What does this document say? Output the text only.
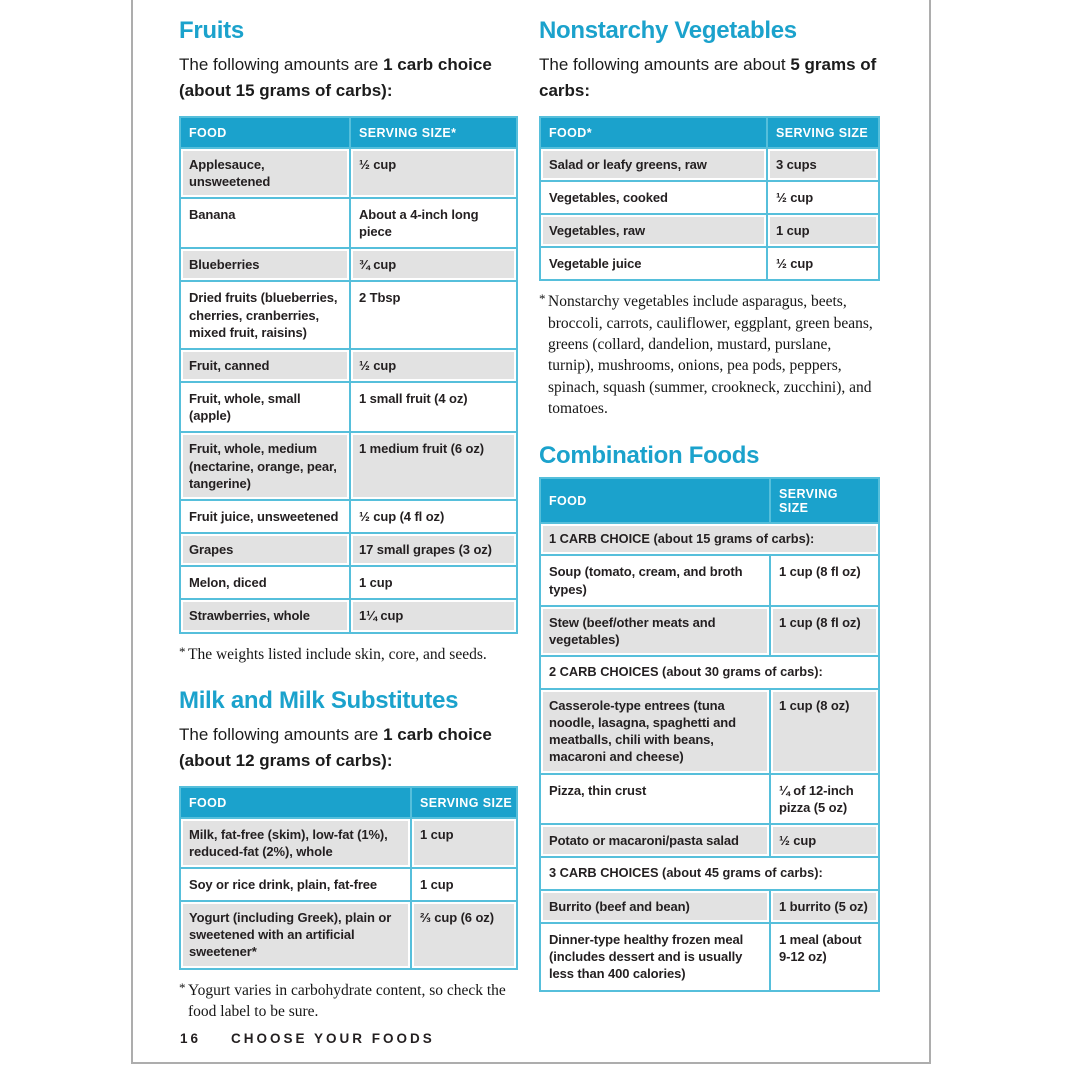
Fruits

The following amounts are 1 carb choice (about 15 grams of carbs):

FOOD	SERVING SIZE*
Applesauce, unsweetened	½ cup
Banana	About a 4-inch long piece
Blueberries	¾ cup
Dried fruits (blueberries, cherries, cranberries, mixed fruit, raisins)	2 Tbsp
Fruit, canned	½ cup
Fruit, whole, small (apple)	1 small fruit (4 oz)
Fruit, whole, medium (nectarine, orange, pear, tangerine)	1 medium fruit (6 oz)
Fruit juice, unsweetened	½ cup (4 fl oz)
Grapes	17 small grapes (3 oz)
Melon, diced	1 cup
Strawberries, whole	1¼ cup

* The weights listed include skin, core, and seeds.

Milk and Milk Substitutes

The following amounts are 1 carb choice (about 12 grams of carbs):

FOOD	SERVING SIZE
Milk, fat-free (skim), low-fat (1%), reduced-fat (2%), whole	1 cup
Soy or rice drink, plain, fat-free	1 cup
Yogurt (including Greek), plain or sweetened with an artificial sweetener*	⅔ cup (6 oz)

* Yogurt varies in carbohydrate content, so check the food label to be sure.

Nonstarchy Vegetables

The following amounts are about 5 grams of carbs:

FOOD*	SERVING SIZE
Salad or leafy greens, raw	3 cups
Vegetables, cooked	½ cup
Vegetables, raw	1 cup
Vegetable juice	½ cup

* Nonstarchy vegetables include asparagus, beets, broccoli, carrots, cauliflower, eggplant, green beans, greens (collard, dandelion, mustard, purslane, turnip), mushrooms, onions, pea pods, peppers, spinach, squash (summer, crookneck, zucchini), and tomatoes.

Combination Foods
FOOD	SERVING SIZE
1 CARB CHOICE (about 15 grams of carbs):	
Soup (tomato, cream, and broth types)	1 cup (8 fl oz)
Stew (beef/other meats and vegetables)	1 cup (8 fl oz)
2 CARB CHOICES (about 30 grams of carbs):	
Casserole-type entrees (tuna noodle, lasagna, spaghetti and meatballs, chili with beans, macaroni and cheese)	1 cup (8 oz)
Pizza, thin crust	¼ of 12-inch pizza (5 oz)
Potato or macaroni/pasta salad	½ cup
3 CARB CHOICES (about 45 grams of carbs):	
Burrito (beef and bean)	1 burrito (5 oz)
Dinner-type healthy frozen meal (includes dessert and is usually less than 400 calories)	1 meal (about 9-12 oz)
16 CHOOSE YOUR FOODS
